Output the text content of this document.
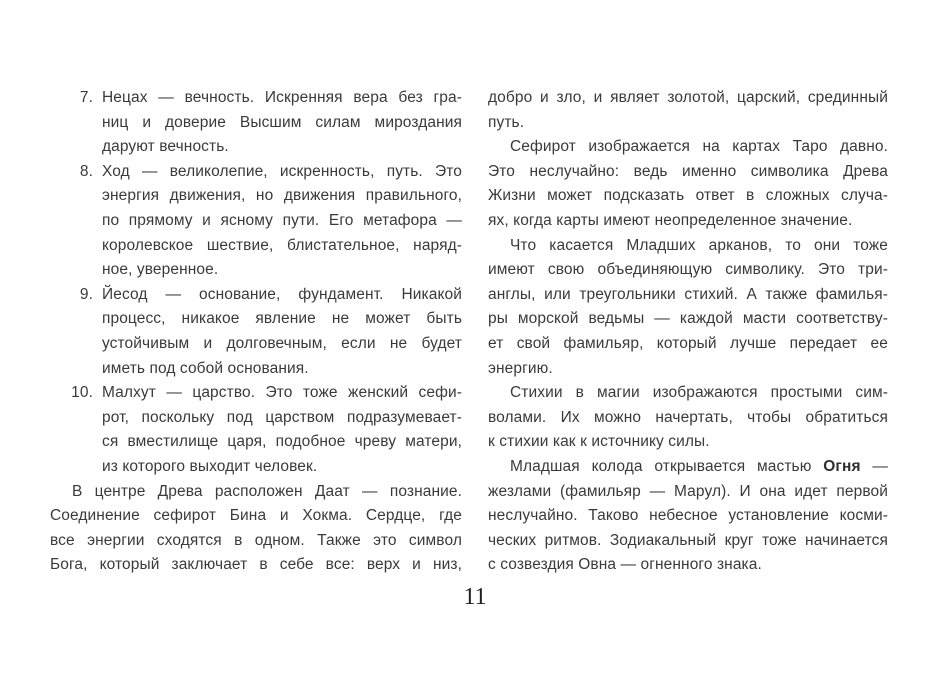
7. Нецах — вечность. Искренняя вера без гра-
ниц и доверие Высшим силам мироздания
даруют вечность.
8. Ход — великолепие, искренность, путь. Это
энергия движения, но движения правильного,
по прямому и ясному пути. Его метафора —
королевское шествие, блистательное, наряд-
ное, уверенное.
9. Йесод — основание, фундамент. Никакой
процесс, никакое явление не может быть
устойчивым и долговечным, если не будет
иметь под собой основания.
10. Малхут — царство. Это тоже женский сефи-
рот, поскольку под царством подразумевает-
ся вместилище царя, подобное чреву матери,
из которого выходит человек.
В центре Древа расположен Даат — познание.
Соединение сефирот Бина и Хокма. Сердце, где
все энергии сходятся в одном. Также это символ
Бога, который заключает в себе все: верх и низ,
добро и зло, и являет золотой, царский, срединный
путь.
Сефирот изображается на картах Таро давно.
Это неслучайно: ведь именно символика Древа
Жизни может подсказать ответ в сложных случа-
ях, когда карты имеют неопределенное значение.
Что касается Младших арканов, то они тоже
имеют свою объединяющую символику. Это три-
англы, или треугольники стихий. А также фамилья-
ры морской ведьмы — каждой масти соответству-
ет свой фамильяр, который лучше передает ее
энергию.
Стихии в магии изображаются простыми сим-
волами. Их можно начертать, чтобы обратиться
к стихии как к источнику силы.
Младшая колода открывается мастью Огня —
жезлами (фамильяр — Марул). И она идет первой
неслучайно. Таково небесное установление косми-
ческих ритмов. Зодиакальный круг тоже начинается
с созвездия Овна — огненного знака.
11
